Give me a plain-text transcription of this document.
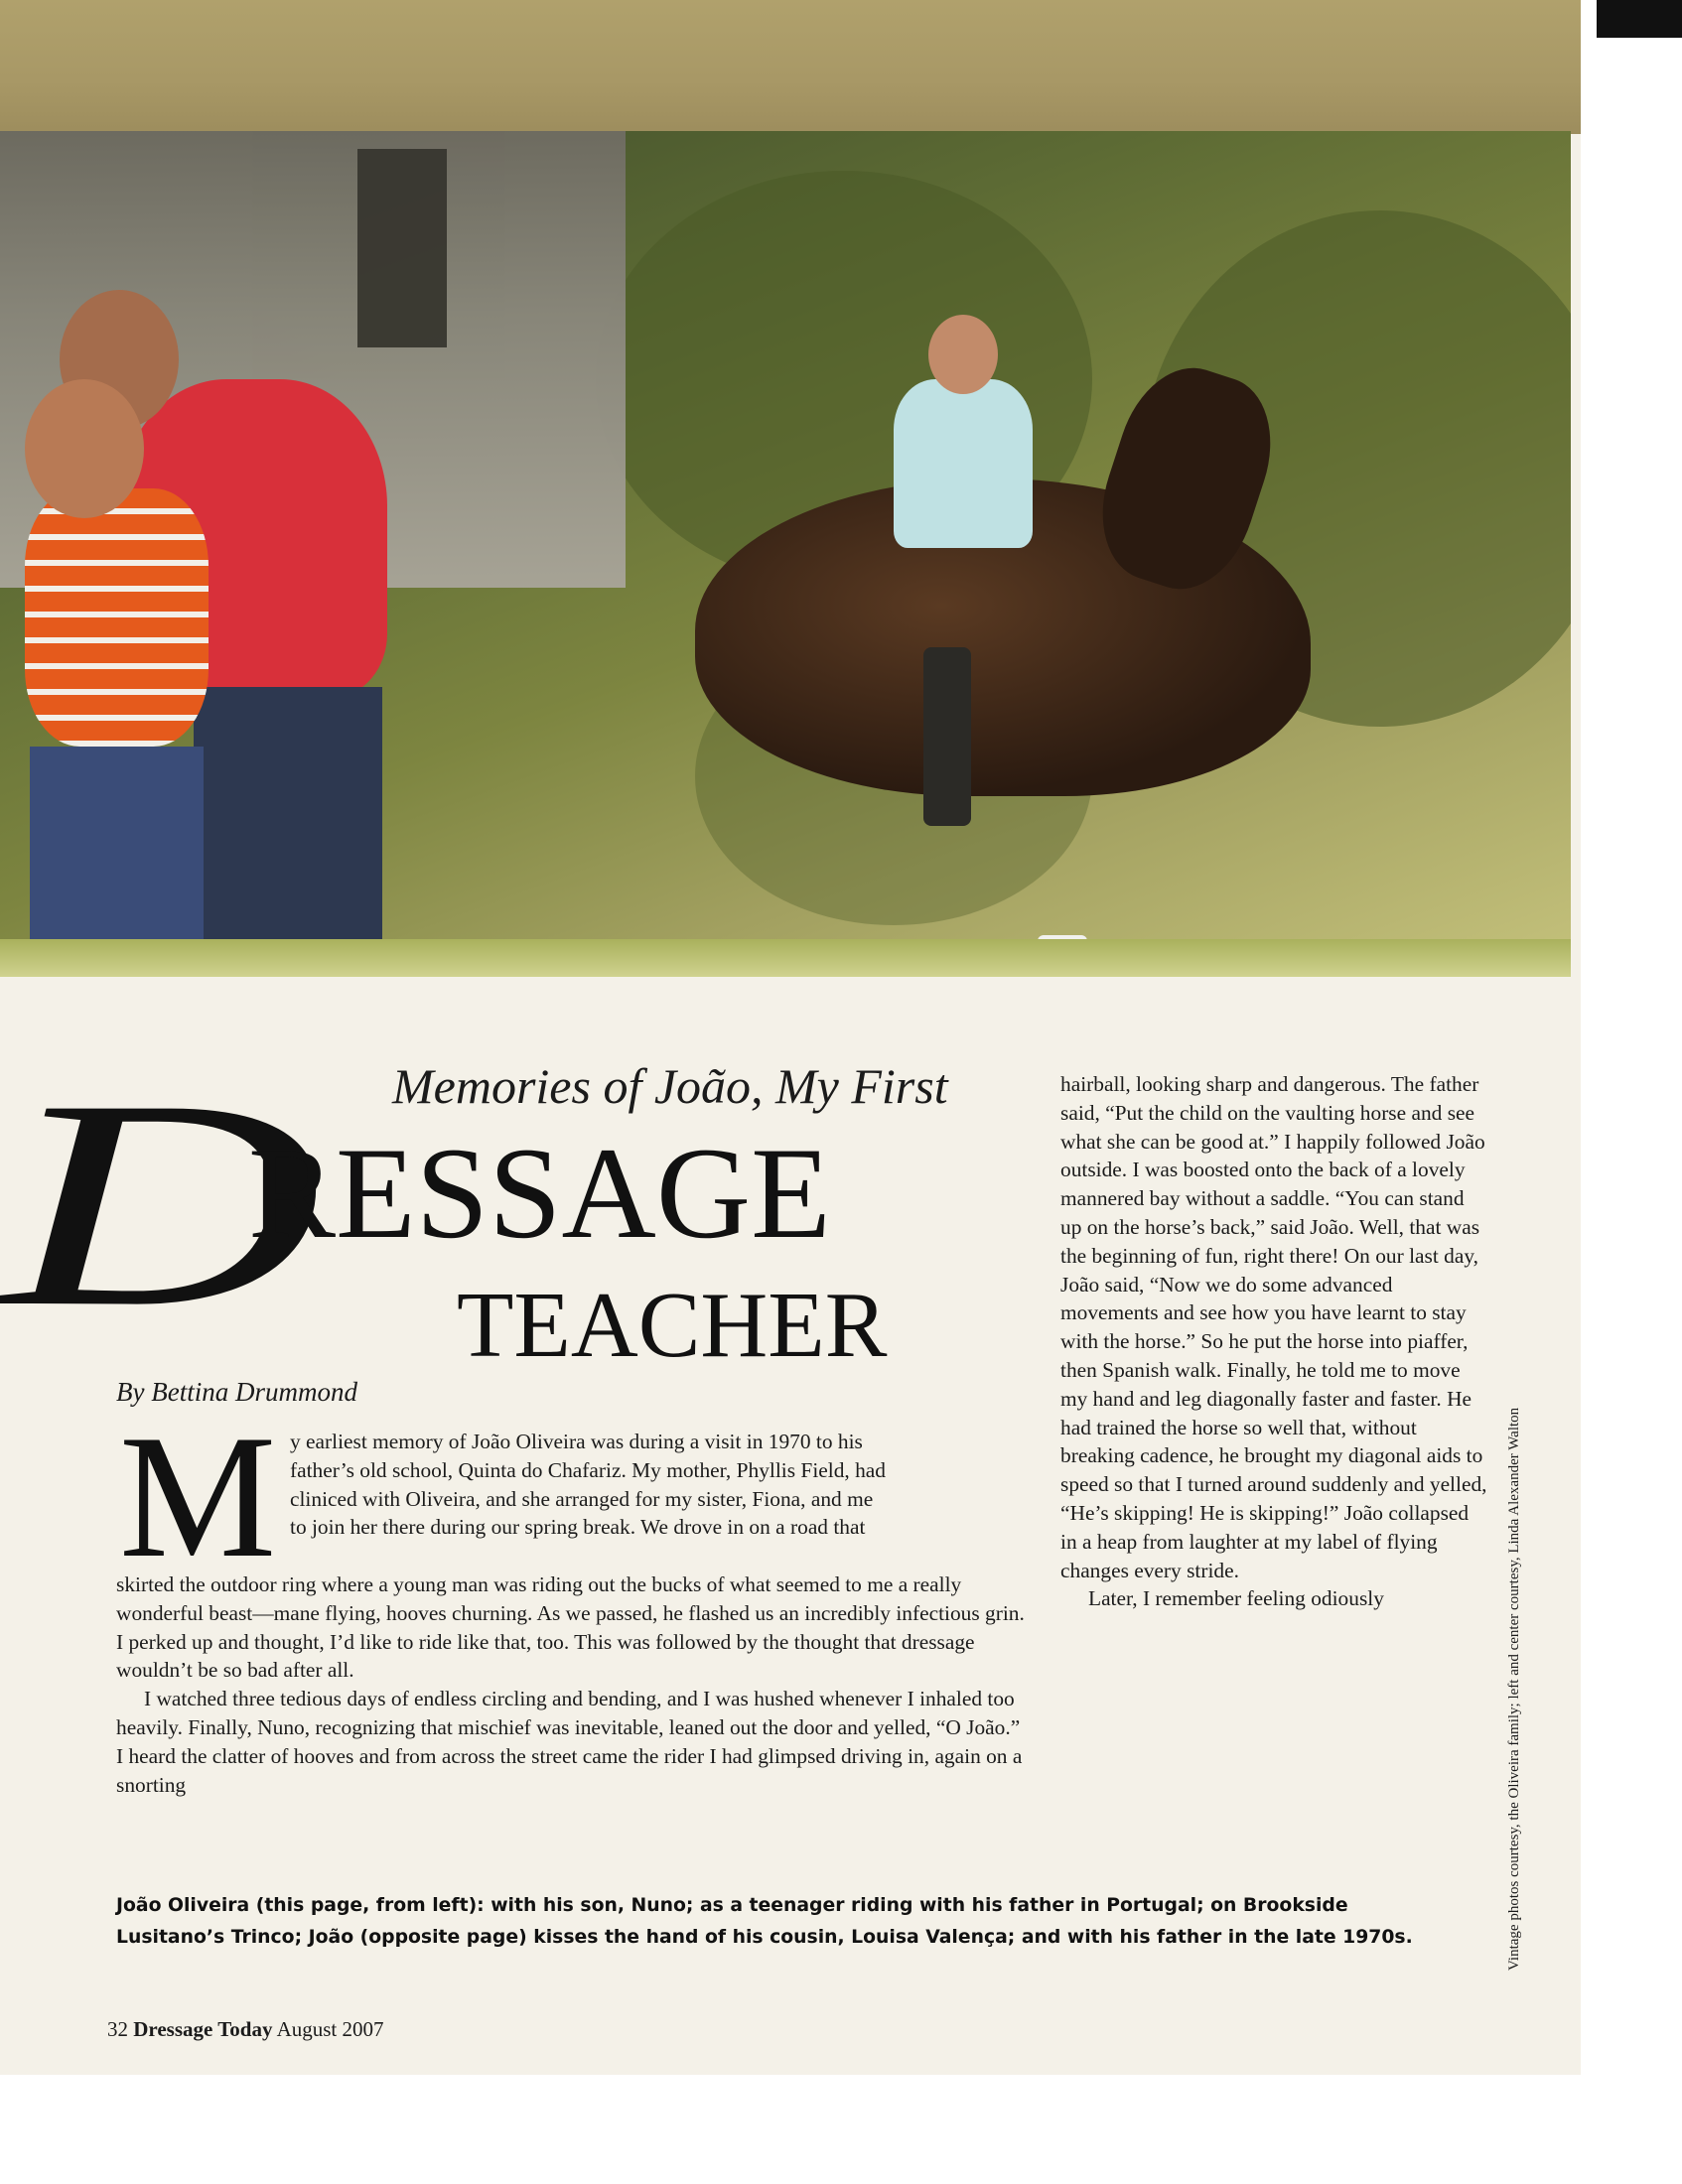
Memories of João, My First
D
RESSAGE
TEACHER
By Bettina Drummond
M y earliest memory of João Oliveira was during a visit in 1970 to his
father’s old school, Quinta do Chafariz. My mother, Phyllis Field, had
cliniced with Oliveira, and she arranged for my sister, Fiona, and me
to join her there during our spring break. We drove in on a road that

skirted the outdoor ring where a young man was riding out the bucks of what seemed to me a really wonderful beast—mane flying, hooves churning. As we passed, he flashed us an incredibly infectious grin. I perked up and thought, I’d like to ride like that, too. This was followed by the thought that dressage wouldn’t be so bad after all.

I watched three tedious days of endless circling and bending, and I was hushed whenever I inhaled too heavily. Finally, Nuno, recognizing that mischief was inevitable, leaned out the door and yelled, “O João.” I heard the clatter of hooves and from across the street came the rider I had glimpsed driving in, again on a snorting

hairball, looking sharp and dangerous. The father said, “Put the child on the vaulting horse and see what she can be good at.” I happily followed João outside. I was boosted onto the back of a lovely mannered bay without a saddle. “You can stand up on the horse’s back,” said João. Well, that was the beginning of fun, right there! On our last day, João said, “Now we do some advanced movements and see how you have learnt to stay with the horse.” So he put the horse into piaffer, then Spanish walk. Finally, he told me to move my hand and leg diagonally faster and faster. He had trained the horse so well that, without breaking cadence, he brought my diagonal aids to speed so that I turned around suddenly and yelled, “He’s skipping! He is skipping!” João collapsed in a heap from laughter at my label of flying changes every stride.

Later, I remember feeling odiously

João Oliveira (this page, from left): with his son, Nuno; as a teenager riding with his father in Portugal; on Brookside
Lusitano’s Trinco; João (opposite page) kisses the hand of his cousin, Louisa Valença; and with his father in the late 1970s.	Vintage photos courtesy, the Oliveira family; left and center courtesy, Linda Alexander Walton
32 Dressage Today August 2007
